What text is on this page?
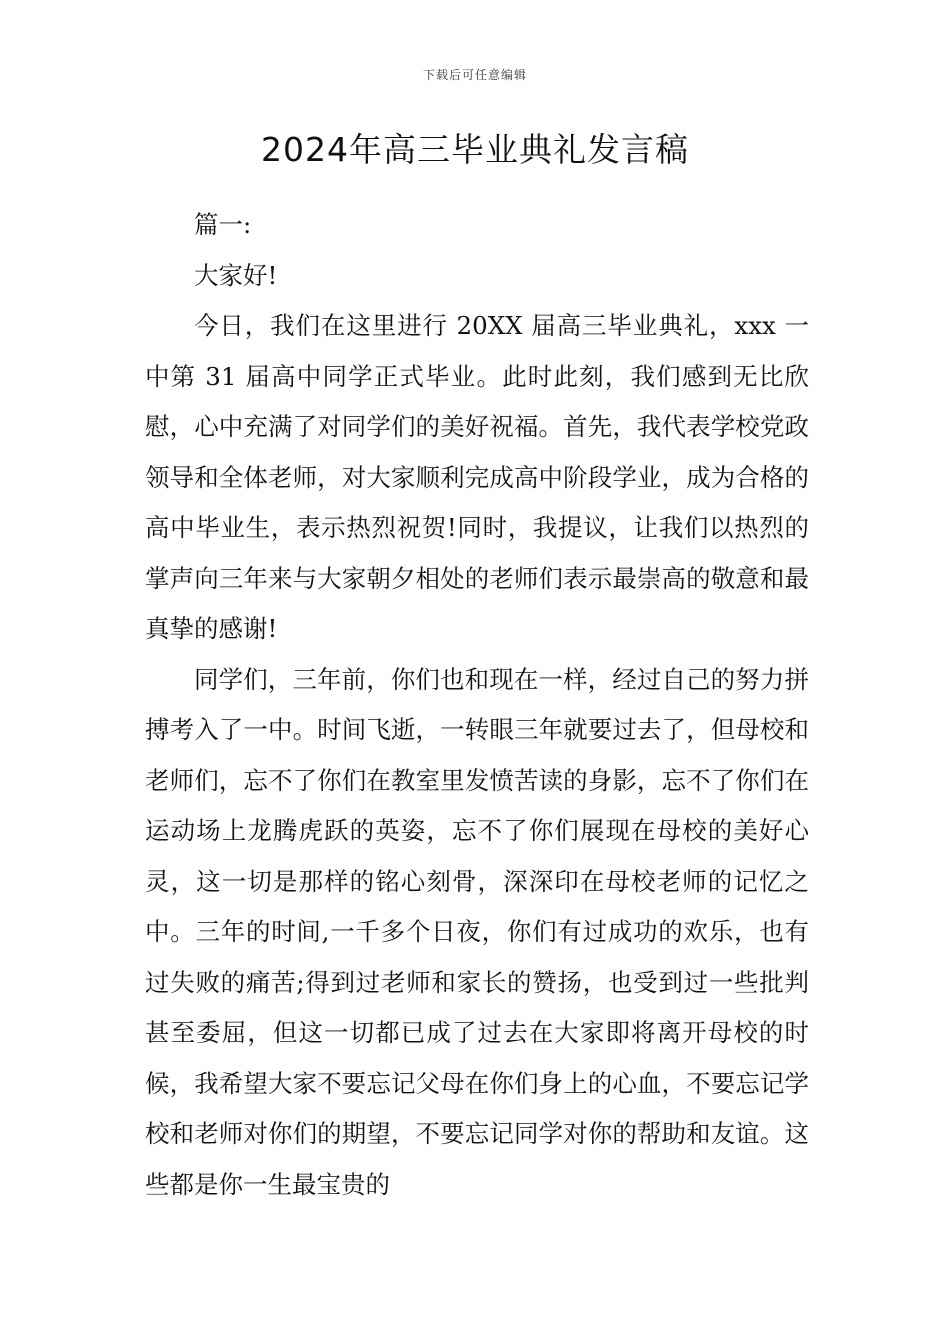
下载后可任意编辑
2024年高三毕业典礼发言稿

篇一:

大家好!

今日，我们在这里进行 20XX 届高三毕业典礼，xxx 一中第 31 届高中同学正式毕业。此时此刻，我们感到无比欣慰，心中充满了对同学们的美好祝福。首先，我代表学校党政领导和全体老师，对大家顺利完成高中阶段学业，成为合格的高中毕业生，表示热烈祝贺!同时，我提议，让我们以热烈的掌声向三年来与大家朝夕相处的老师们表示最崇高的敬意和最真挚的感谢!

同学们，三年前，你们也和现在一样，经过自己的努力拼搏考入了一中。时间飞逝，一转眼三年就要过去了，但母校和老师们，忘不了你们在教室里发愤苦读的身影，忘不了你们在运动场上龙腾虎跃的英姿，忘不了你们展现在母校的美好心灵，这一切是那样的铭心刻骨，深深印在母校老师的记忆之中。三年的时间,一千多个日夜，你们有过成功的欢乐，也有过失败的痛苦;得到过老师和家长的赞扬，也受到过一些批判甚至委屈，但这一切都已成了过去在大家即将离开母校的时候，我希望大家不要忘记父母在你们身上的心血，不要忘记学校和老师对你们的期望，不要忘记同学对你的帮助和友谊。这些都是你一生最宝贵的
